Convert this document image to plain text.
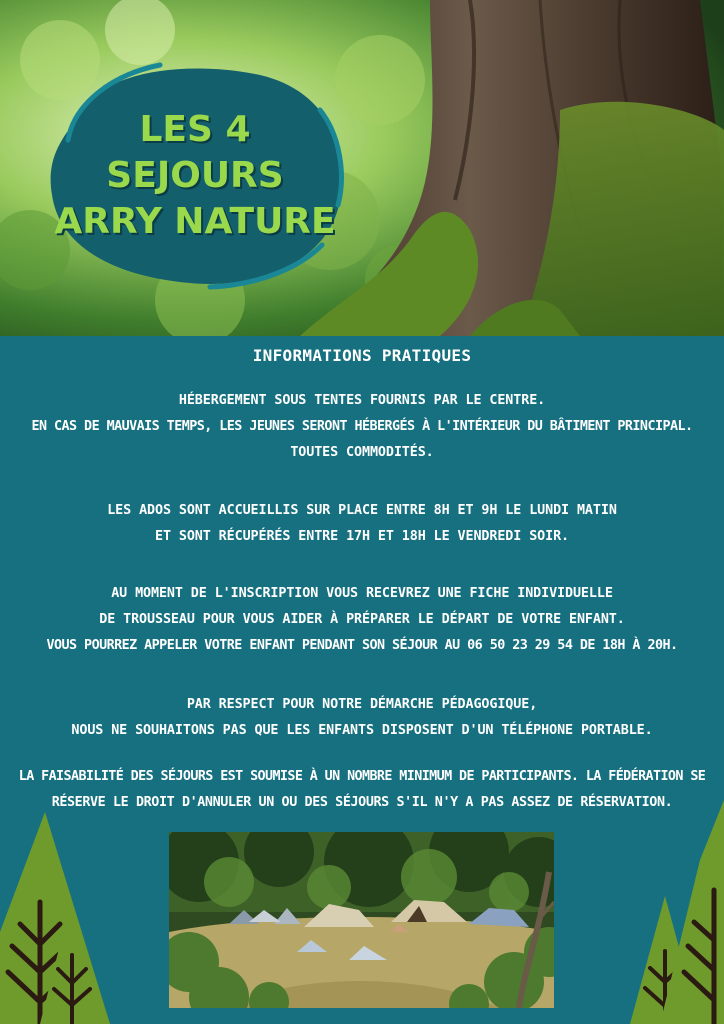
LES 4
SEJOURS
ARRY NATURE
INFORMATIONS PRATIQUES
HÉBERGEMENT SOUS TENTES FOURNIS PAR LE CENTRE.
EN CAS DE MAUVAIS TEMPS, LES JEUNES SERONT HÉBERGÉS À L'INTÉRIEUR DU BÂTIMENT PRINCIPAL.
TOUTES COMMODITÉS.
LES ADOS SONT ACCUEILLIS SUR PLACE ENTRE 8H ET 9H LE LUNDI MATIN
ET SONT RÉCUPÉRÉS ENTRE 17H ET 18H LE VENDREDI SOIR.
AU MOMENT DE L'INSCRIPTION VOUS RECEVREZ UNE FICHE INDIVIDUELLE
DE TROUSSEAU POUR VOUS AIDER À PRÉPARER LE DÉPART DE VOTRE ENFANT.
VOUS POURREZ APPELER VOTRE ENFANT PENDANT SON SÉJOUR AU 06 50 23 29 54 DE 18H À 20H.
PAR RESPECT POUR NOTRE DÉMARCHE PÉDAGOGIQUE,
NOUS NE SOUHAITONS PAS QUE LES ENFANTS DISPOSENT D'UN TÉLÉPHONE PORTABLE.
LA FAISABILITÉ DES SÉJOURS EST SOUMISE À UN NOMBRE MINIMUM DE PARTICIPANTS. LA FÉDÉRATION SE
RÉSERVE LE DROIT D'ANNULER UN OU DES SÉJOURS S'IL N'Y A PAS ASSEZ DE RÉSERVATION.
